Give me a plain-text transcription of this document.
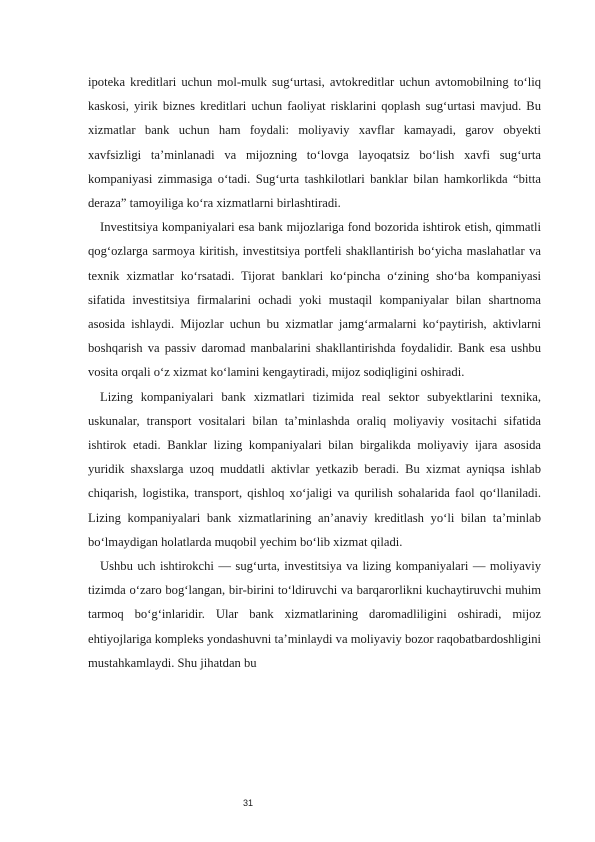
ipoteka kreditlari uchun mol-mulk sug‘urtasi, avtokreditlar uchun avtomobilning to‘liq kaskosi, yirik biznes kreditlari uchun faoliyat risklarini qoplash sug‘urtasi mavjud. Bu xizmatlar bank uchun ham foydali: moliyaviy xavflar kamayadi, garov obyekti xavfsizligi ta’minlanadi va mijozning to‘lovga layoqatsiz bo‘lish xavfi sug‘urta kompaniyasi zimmasiga o‘tadi. Sug‘urta tashkilotlari banklar bilan hamkorlikda “bitta deraza” tamoyiliga ko‘ra xizmatlarni birlashtiradi.

Investitsiya kompaniyalari esa bank mijozlariga fond bozorida ishtirok etish, qimmatli qog‘ozlarga sarmoya kiritish, investitsiya portfeli shakllantirish bo‘yicha maslahatlar va texnik xizmatlar ko‘rsatadi. Tijorat banklari ko‘pincha o‘zining sho‘ba kompaniyasi sifatida investitsiya firmalarini ochadi yoki mustaqil kompaniyalar bilan shartnoma asosida ishlaydi. Mijozlar uchun bu xizmatlar jamg‘armalarni ko‘paytirish, aktivlarni boshqarish va passiv daromad manbalarini shakllantirishda foydalidir. Bank esa ushbu vosita orqali o‘z xizmat ko‘lamini kengaytiradi, mijoz sodiqligini oshiradi.

Lizing kompaniyalari bank xizmatlari tizimida real sektor subyektlarini texnika, uskunalar, transport vositalari bilan ta’minlashda oraliq moliyaviy vositachi sifatida ishtirok etadi. Banklar lizing kompaniyalari bilan birgalikda moliyaviy ijara asosida yuridik shaxslarga uzoq muddatli aktivlar yetkazib beradi. Bu xizmat ayniqsa ishlab chiqarish, logistika, transport, qishloq xo‘jaligi va qurilish sohalarida faol qo‘llaniladi. Lizing kompaniyalari bank xizmatlarining an’anaviy kreditlash yo‘li bilan ta’minlab bo‘lmaydigan holatlarda muqobil yechim bo‘lib xizmat qiladi.

Ushbu uch ishtirokchi — sug‘urta, investitsiya va lizing kompaniyalari — moliyaviy tizimda o‘zaro bog‘langan, bir-birini to‘ldiruvchi va barqarorlikni kuchaytiruvchi muhim tarmoq bo‘g‘inlaridir. Ular bank xizmatlarining daromadliligini oshiradi, mijoz ehtiyojlariga kompleks yondashuvni ta’minlaydi va moliyaviy bozor raqobatbardoshligini mustahkamlaydi. Shu jihatdan bu

31
